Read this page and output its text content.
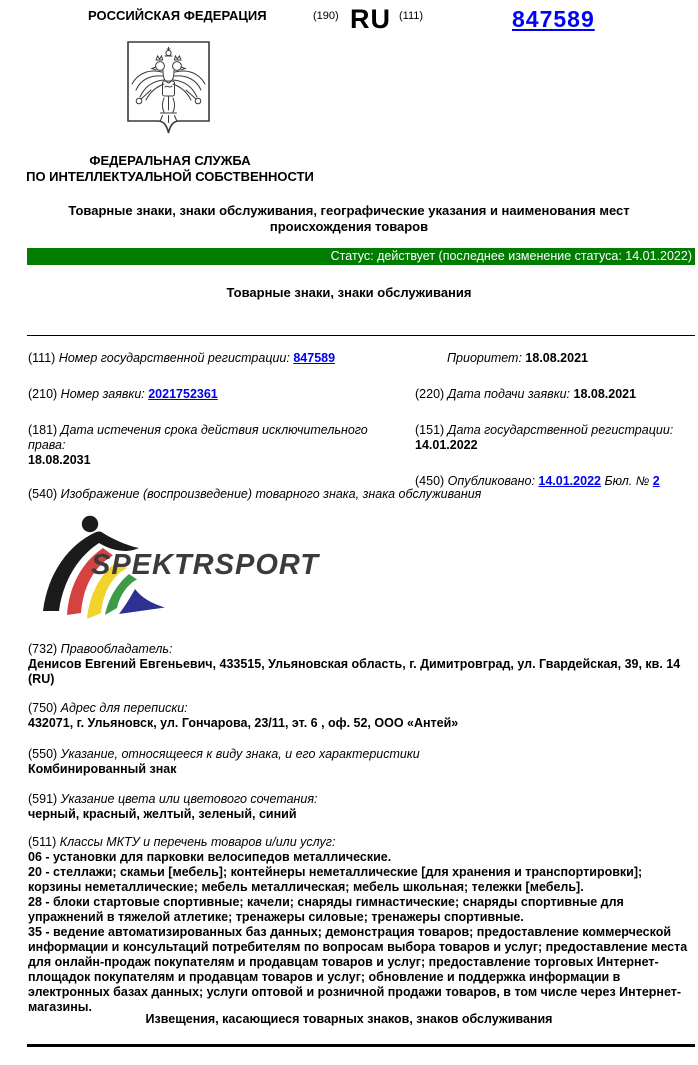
РОССИЙСКАЯ ФЕДЕРАЦИЯ	(190) RU (111)	847589
ФЕДЕРАЛЬНАЯ СЛУЖБА
ПО ИНТЕЛЛЕКТУАЛЬНОЙ СОБСТВЕННОСТИ
Товарные знаки, знаки обслуживания, географические указания и наименования мест происхождения товаров
Статус: действует (последнее изменение статуса: 14.01.2022)
Товарные знаки, знаки обслуживания
(111) Номер государственной регистрации: 847589
(210) Номер заявки: 2021752361
(181) Дата истечения срока действия исключительного права:
18.08.2031
Приоритет: 18.08.2021
(220) Дата подачи заявки: 18.08.2021
(151) Дата государственной регистрации:
14.01.2022
(450) Опубликовано: 14.01.2022 Бюл. № 2
(540) Изображение (воспроизведение) товарного знака, знака обслуживания
SPEKTRSPORT
(732) Правообладатель:
Денисов Евгений Евгеньевич, 433515, Ульяновская область, г. Димитровград, ул. Гвардейская, 39, кв. 14 (RU)
(750) Адрес для переписки:
432071, г. Ульяновск, ул. Гончарова, 23/11, эт. 6 , оф. 52, ООО «Антей»
(550) Указание, относящееся к виду знака, и его характеристики
Комбинированный знак
(591) Указание цвета или цветового сочетания:
черный, красный, желтый, зеленый, синий
(511) Классы МКТУ и перечень товаров и/или услуг:
06 - установки для парковки велосипедов металлические.
20 - стеллажи; скамьи [мебель]; контейнеры неметаллические [для хранения и транспортировки]; корзины неметаллические; мебель металлическая; мебель школьная; тележки [мебель].
28 - блоки стартовые спортивные; качели; снаряды гимнастические; снаряды спортивные для упражнений в тяжелой атлетике; тренажеры силовые; тренажеры спортивные.
35 - ведение автоматизированных баз данных; демонстрация товаров; предоставление коммерческой информации и консультаций потребителям по вопросам выбора товаров и услуг; предоставление места для онлайн-продаж покупателям и продавцам товаров и услуг; предоставление торговых Интернет-площадок покупателям и продавцам товаров и услуг; обновление и поддержка информации в электронных базах данных; услуги оптовой и розничной продажи товаров, в том числе через Интернет-магазины.
Извещения, касающиеся товарных знаков, знаков обслуживания
